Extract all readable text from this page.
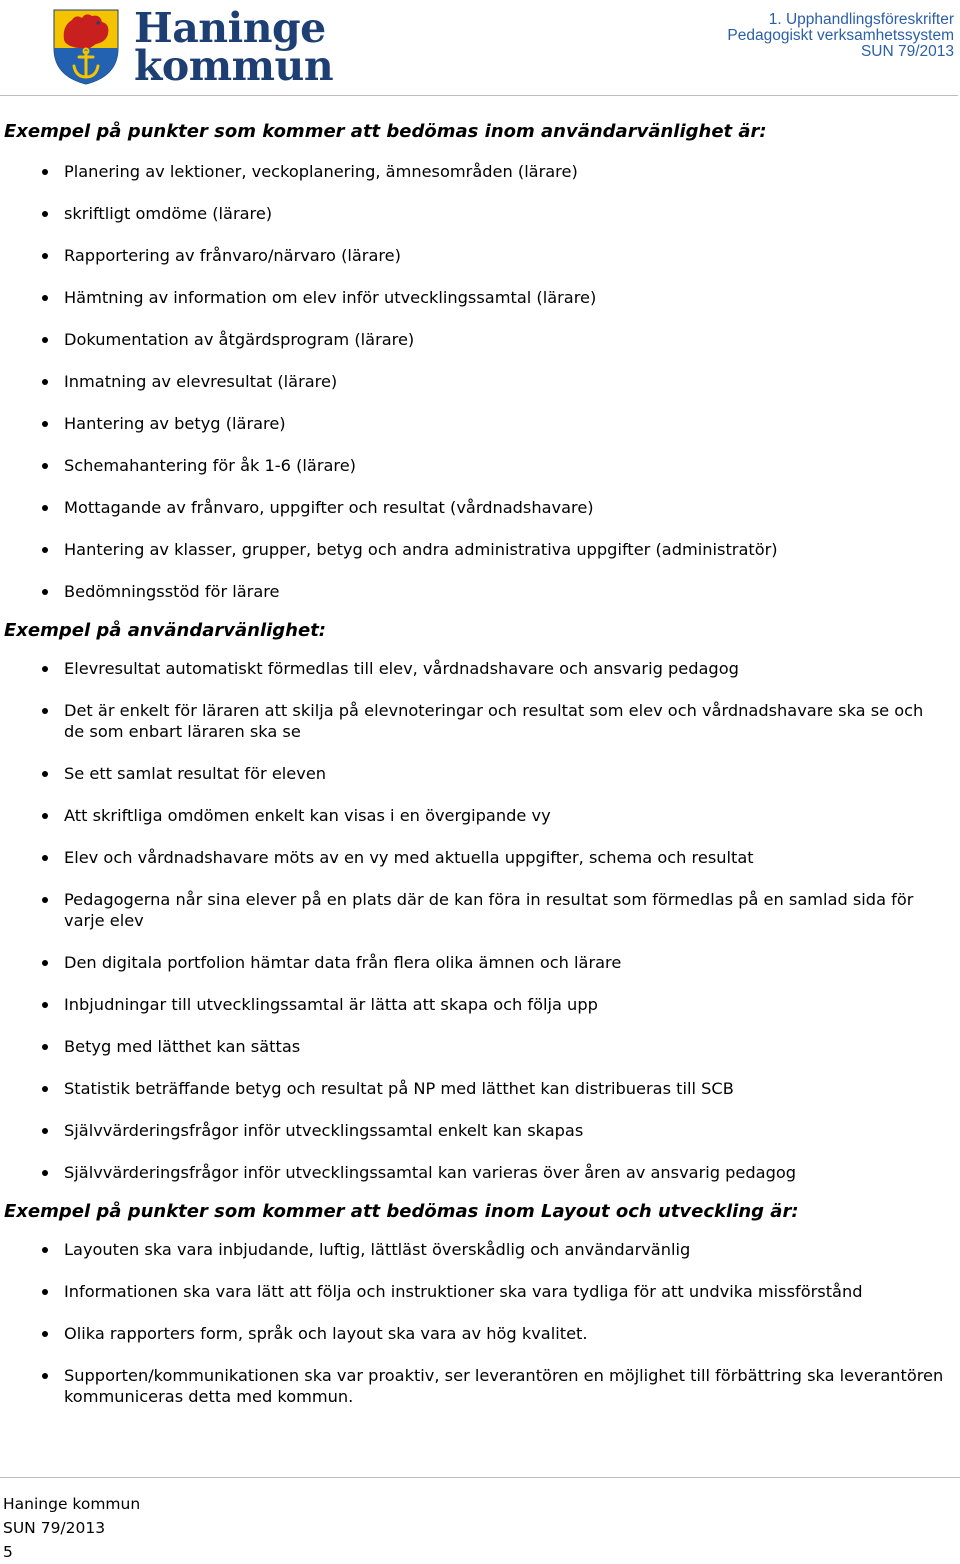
Haninge
kommun
1. Upphandlingsföreskrifter
Pedagogiskt verksamhetssystem
SUN 79/2013
Exempel på punkter som kommer att bedömas inom användarvänlighet är:
Planering av lektioner, veckoplanering, ämnesområden (lärare)
skriftligt omdöme (lärare)
Rapportering av frånvaro/närvaro (lärare)
Hämtning av information om elev inför utvecklingssamtal (lärare)
Dokumentation av åtgärdsprogram (lärare)
Inmatning av elevresultat (lärare)
Hantering av betyg (lärare)
Schemahantering för åk 1-6 (lärare)
Mottagande av frånvaro, uppgifter och resultat (vårdnadshavare)
Hantering av klasser, grupper, betyg och andra administrativa uppgifter (administratör)
Bedömningsstöd för lärare
Exempel på användarvänlighet:
Elevresultat automatiskt förmedlas till elev, vårdnadshavare och ansvarig pedagog
Det är enkelt för läraren att skilja på elevnoteringar och resultat som elev och vårdnadshavare ska se och de som enbart läraren ska se
Se ett samlat resultat för eleven
Att skriftliga omdömen enkelt kan visas i en övergipande vy
Elev och vårdnadshavare möts av en vy med aktuella uppgifter, schema och resultat
Pedagogerna når sina elever på en plats där de kan föra in resultat som förmedlas på en samlad sida för varje elev
Den digitala portfolion hämtar data från flera olika ämnen och lärare
Inbjudningar till utvecklingssamtal är lätta att skapa och följa upp
Betyg med lätthet kan sättas
Statistik beträffande betyg och resultat på NP med lätthet kan distribueras till SCB
Självvärderingsfrågor inför utvecklingssamtal enkelt kan skapas
Självvärderingsfrågor inför utvecklingssamtal kan varieras över åren av ansvarig pedagog
Exempel på punkter som kommer att bedömas inom Layout och utveckling är:
Layouten ska vara inbjudande, luftig, lättläst överskådlig och användarvänlig
Informationen ska vara lätt att följa och instruktioner ska vara tydliga för att undvika missförstånd
Olika rapporters form, språk och layout ska vara av hög kvalitet.
Supporten/kommunikationen ska var proaktiv, ser leverantören en möjlighet till förbättring ska leverantören kommuniceras detta med kommun.
Haninge kommun
SUN 79/2013
5
